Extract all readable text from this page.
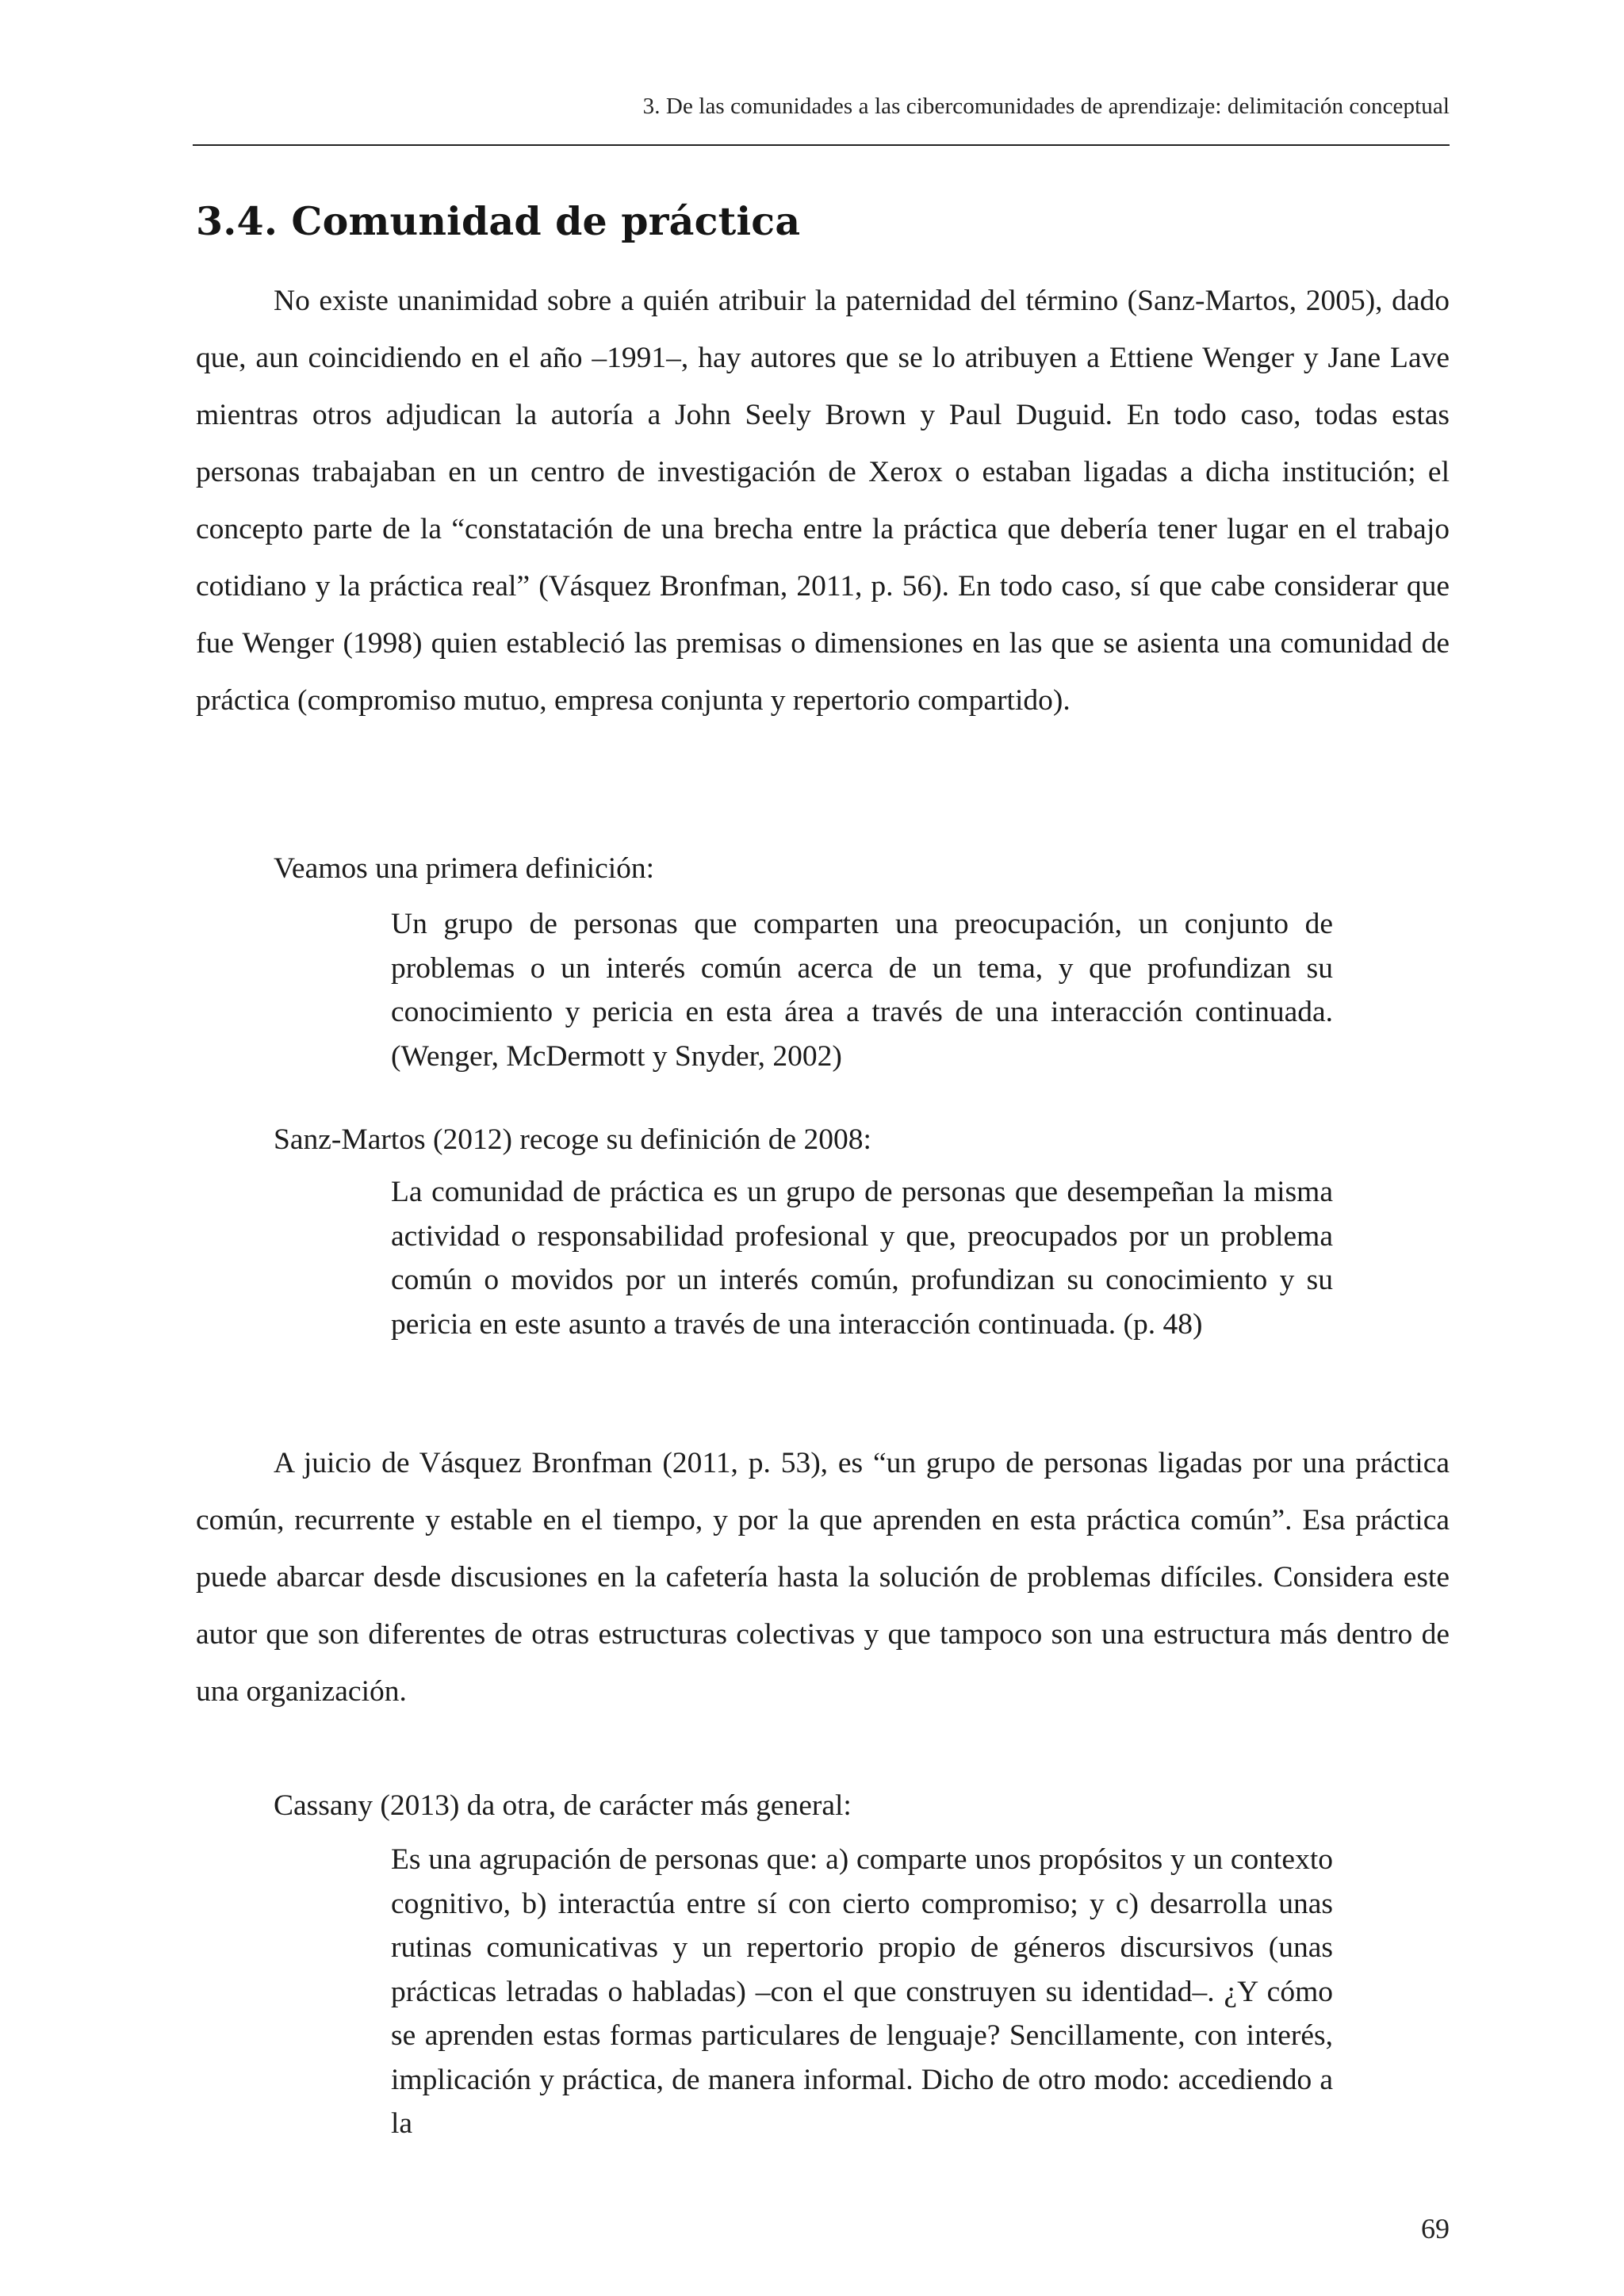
3. De las comunidades a las cibercomunidades de aprendizaje: delimitación conceptual
3.4. Comunidad de práctica

No existe unanimidad sobre a quién atribuir la paternidad del término (Sanz-Martos, 2005), dado que, aun coincidiendo en el año –1991–, hay autores que se lo atribuyen a Ettiene Wenger y Jane Lave mientras otros adjudican la autoría a John Seely Brown y Paul Duguid. En todo caso, todas estas personas trabajaban en un centro de investigación de Xerox o estaban ligadas a dicha institución; el concepto parte de la “constatación de una brecha entre la práctica que debería tener lugar en el trabajo cotidiano y la práctica real” (Vásquez Bronfman, 2011, p. 56). En todo caso, sí que cabe considerar que fue Wenger (1998) quien estableció las premisas o dimensiones en las que se asienta una comunidad de práctica (compromiso mutuo, empresa conjunta y repertorio compartido).

Veamos una primera definición:

Un grupo de personas que comparten una preocupación, un conjunto de problemas o un interés común acerca de un tema, y que profundizan su conocimiento y pericia en esta área a través de una interacción continuada. (Wenger, McDermott y Snyder, 2002)

Sanz-Martos (2012) recoge su definición de 2008:

La comunidad de práctica es un grupo de personas que desempeñan la misma actividad o responsabilidad profesional y que, preocupados por un problema común o movidos por un interés común, profundizan su conocimiento y su pericia en este asunto a través de una interacción continuada. (p. 48)

A juicio de Vásquez Bronfman (2011, p. 53), es “un grupo de personas ligadas por una práctica común, recurrente y estable en el tiempo, y por la que aprenden en esta práctica común”. Esa práctica puede abarcar desde discusiones en la cafetería hasta la solución de problemas difíciles. Considera este autor que son diferentes de otras estructuras colectivas y que tampoco son una estructura más dentro de una organización.

Cassany (2013) da otra, de carácter más general:

Es una agrupación de personas que: a) comparte unos propósitos y un contexto cognitivo, b) interactúa entre sí con cierto compromiso; y c) desarrolla unas rutinas comunicativas y un repertorio propio de géneros discursivos (unas prácticas letradas o habladas) –con el que construyen su identidad–. ¿Y cómo se aprenden estas formas particulares de lenguaje? Sencillamente, con interés, implicación y práctica, de manera informal. Dicho de otro modo: accediendo a la

69
